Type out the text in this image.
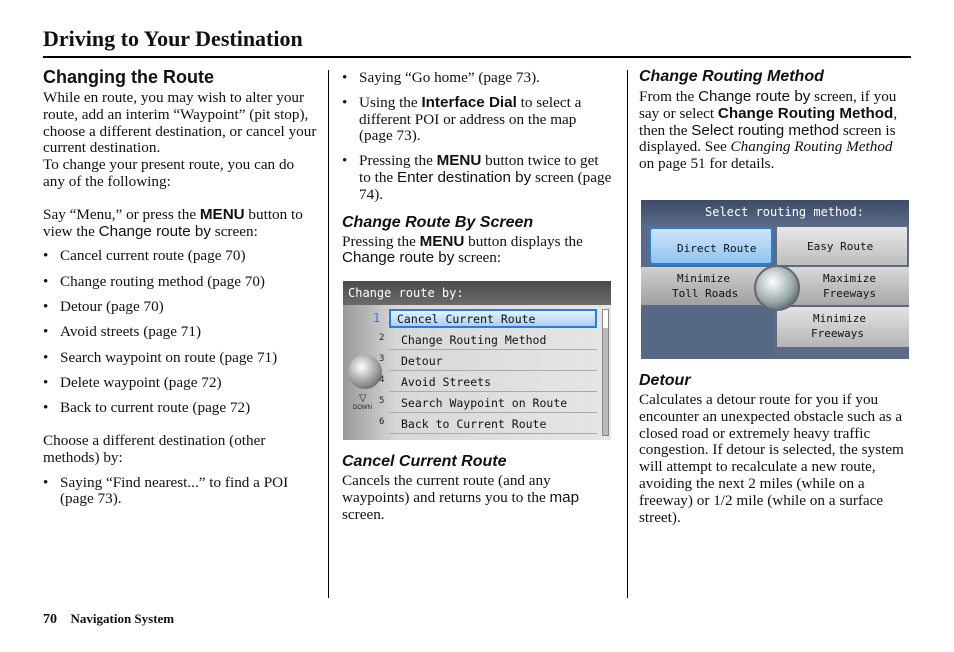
Driving to Your Destination
Changing the Route
While en route, you may wish to alter your route, add an interim “Waypoint” (pit stop), choose a different destination, or cancel your current destination.
To change your present route, you can do any of the following:
Say “Menu,” or press the MENU button to view the Change route by screen:
• Cancel current route (page 70)
• Change routing method (page 70)
• Detour (page 70)
• Avoid streets (page 71)
• Search waypoint on route (page 71)
• Delete waypoint (page 72)
• Back to current route (page 72)
Choose a different destination (other methods) by:
• Saying “Find nearest...” to find a POI (page 73).
• Saying “Go home” (page 73).
• Using the Interface Dial to select a different POI or address on the map (page 73).
• Pressing the MENU button twice to get to the Enter destination by screen (page 74).
Change Route By Screen
Pressing the MENU button displays the Change route by screen:
Change route by:
▽
DOWN
1 Cancel Current Route
2 Change Routing Method
3 Detour
4 Avoid Streets
5 Search Waypoint on Route
6 Back to Current Route
Cancel Current Route
Cancels the current route (and any waypoints) and returns you to the map screen.
Change Routing Method
From the Change route by screen, if you say or select Change Routing Method, then the Select routing method screen is displayed. See Changing Routing Method on page 51 for details.
Select routing method:
Direct Route	Easy Route
Minimize
Toll Roads
Maximize
Freeways
Minimize
Freeways
Detour
Calculates a detour route for you if you encounter an unexpected obstacle such as a closed road or extremely heavy traffic congestion. If detour is selected, the system will attempt to recalculate a new route, avoiding the next 2 miles (while on a freeway) or 1/2 mile (while on a surface street).
70 Navigation System
